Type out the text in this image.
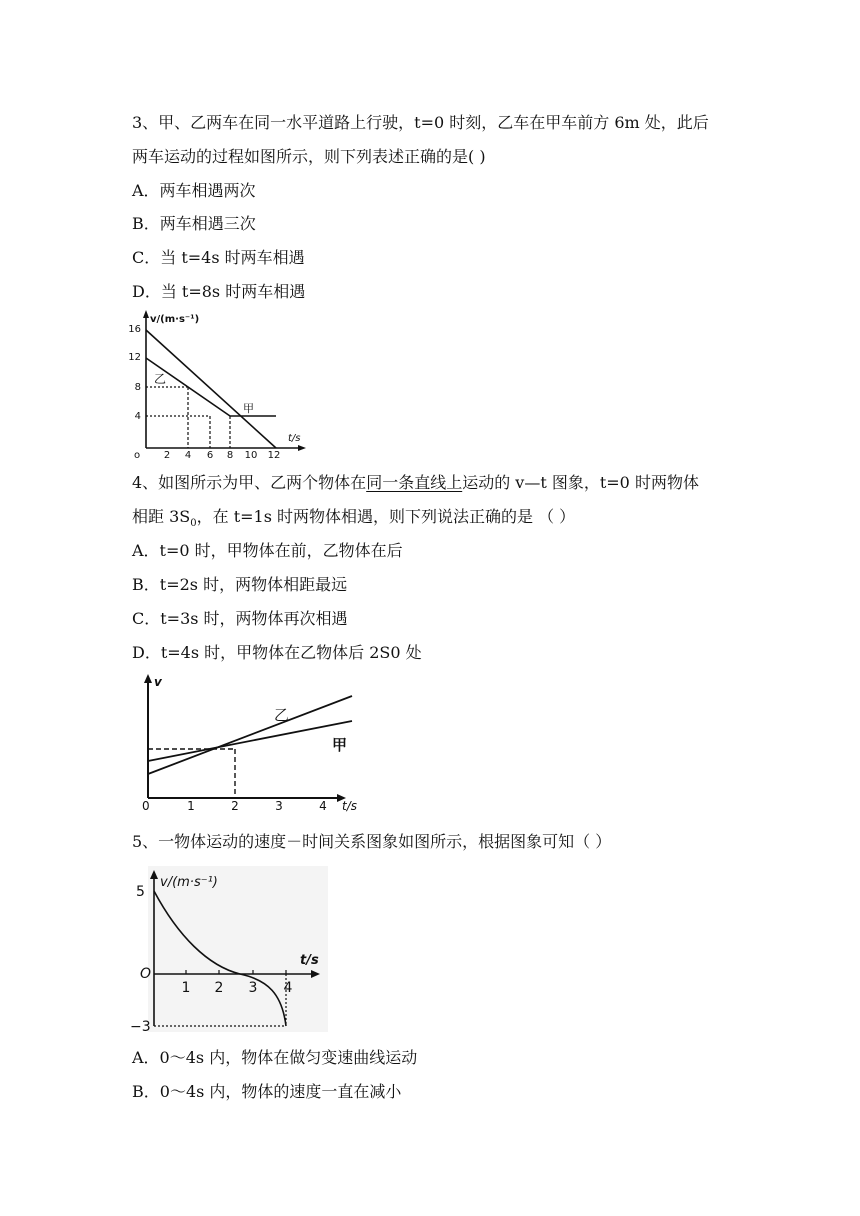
3、甲、乙两车在同一水平道路上行驶，t=0 时刻，乙车在甲车前方 6m 处，此后
两车运动的过程如图所示，则下列表述正确的是( )
A．两车相遇两次
B．两车相遇三次
C．当 t=4s 时两车相遇
D．当 t=8s 时两车相遇
16
12
8
4
o 2 4 6 8 10 12
v/(m·s⁻¹)
t/s
乙
甲
4、如图所示为甲、乙两个物体在同一条直线上运动的 v—t 图象，t=0 时两物体
相距 $3S_0$，在 t=1s 时两物体相遇，则下列说法正确的是 （ ）
A．t=0 时，甲物体在前，乙物体在后
B．t=2s 时，两物体相距最远
C．t=3s 时，两物体再次相遇
D．t=4s 时，甲物体在乙物体后 2S0 处
v
0	1	2	3	4 t/s
乙
甲
5、一物体运动的速度－时间关系图象如图所示，根据图象可知（ ）
5
−3
O
1 2 3 4
v/(m·s⁻¹)
t/s
A．0～4s 内，物体在做匀变速曲线运动
B．0～4s 内，物体的速度一直在减小
